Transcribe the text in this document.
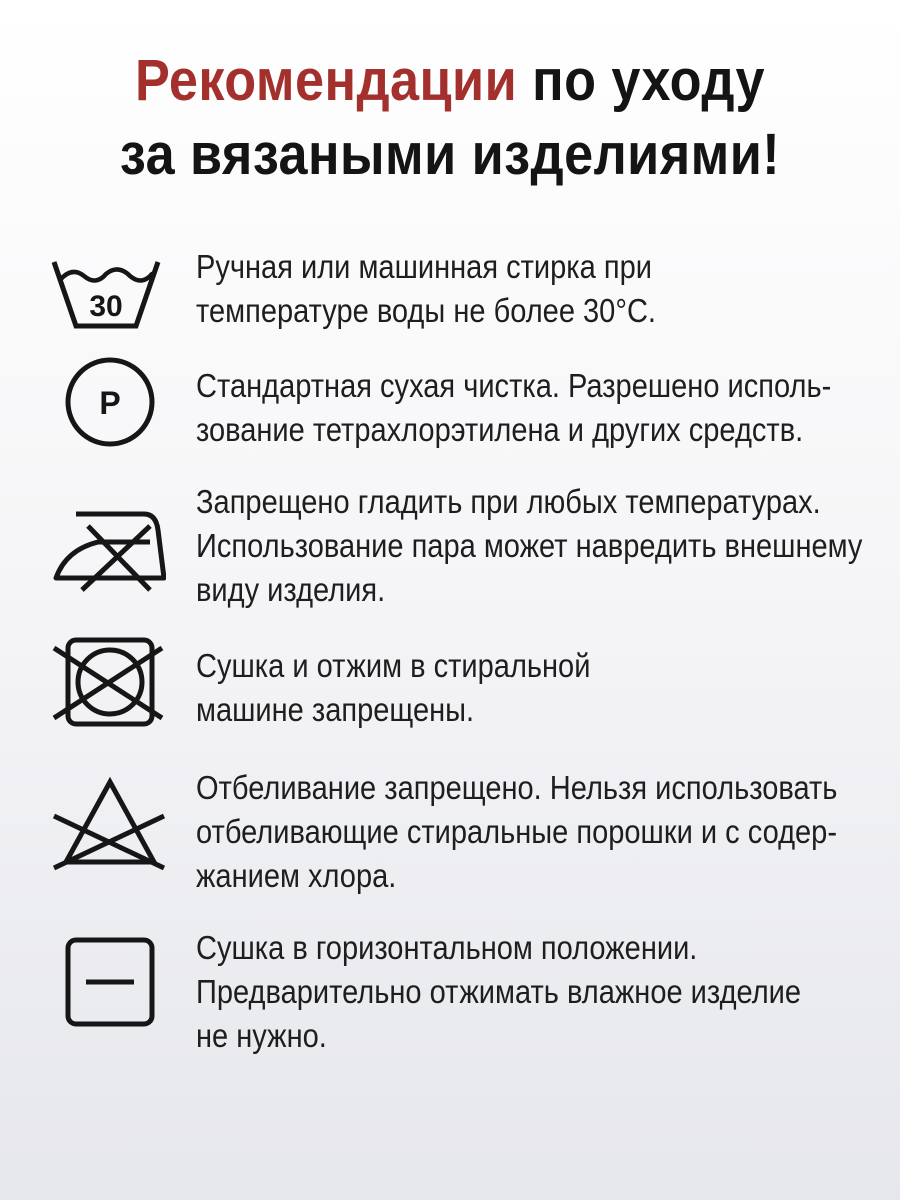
Рекомендации по уходу
за вязаными изделиями!
30
Ручная или машинная стирка при
температуре воды не более 30°С.
P Стандартная сухая чистка. Разрешено исполь-
зование тетрахлорэтилена и других средств.
Запрещено гладить при любых температурах.
Использование пара может навредить внешнему
виду изделия.
Сушка и отжим в стиральной
машине запрещены.
Отбеливание запрещено. Нельзя использовать
отбеливающие стиральные порошки и с содер-
жанием хлора.
Сушка в горизонтальном положении.
Предварительно отжимать влажное изделие
не нужно.
